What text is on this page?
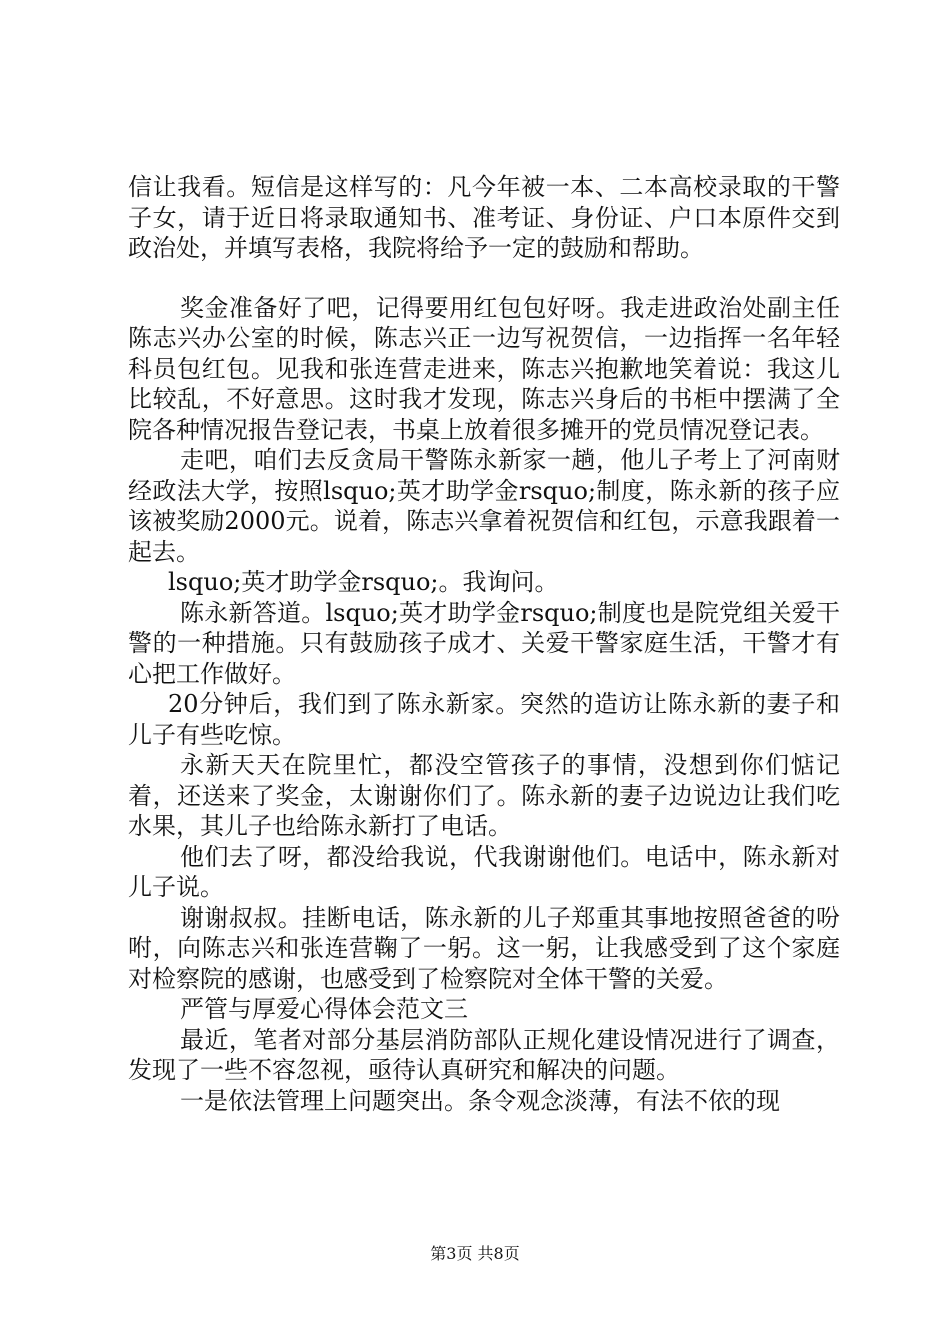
信让我看。短信是这样写的：凡今年被一本、二本高校录取的干警子女，请于近日将录取通知书、准考证、身份证、户口本原件交到政治处，并填写表格，我院将给予一定的鼓励和帮助。

奖金准备好了吧，记得要用红包包好呀。我走进政治处副主任陈志兴办公室的时候，陈志兴正一边写祝贺信，一边指挥一名年轻科员包红包。见我和张连营走进来，陈志兴抱歉地笑着说：我这儿比较乱，不好意思。这时我才发现，陈志兴身后的书柜中摆满了全院各种情况报告登记表，书桌上放着很多摊开的党员情况登记表。

走吧，咱们去反贪局干警陈永新家一趟，他儿子考上了河南财经政法大学，按照lsquo;英才助学金rsquo;制度，陈永新的孩子应该被奖励2000元。说着，陈志兴拿着祝贺信和红包，示意我跟着一起去。

lsquo;英才助学金rsquo;。我询问。

陈永新答道。lsquo;英才助学金rsquo;制度也是院党组关爱干警的一种措施。只有鼓励孩子成才、关爱干警家庭生活，干警才有心把工作做好。

20分钟后，我们到了陈永新家。突然的造访让陈永新的妻子和儿子有些吃惊。

永新天天在院里忙，都没空管孩子的事情，没想到你们惦记着，还送来了奖金，太谢谢你们了。陈永新的妻子边说边让我们吃水果，其儿子也给陈永新打了电话。

他们去了呀，都没给我说，代我谢谢他们。电话中，陈永新对儿子说。

谢谢叔叔。挂断电话，陈永新的儿子郑重其事地按照爸爸的吩咐，向陈志兴和张连营鞠了一躬。这一躬，让我感受到了这个家庭对检察院的感谢，也感受到了检察院对全体干警的关爱。

严管与厚爱心得体会范文三

最近，笔者对部分基层消防部队正规化建设情况进行了调查，发现了一些不容忽视，亟待认真研究和解决的问题。

一是依法管理上问题突出。条令观念淡薄，有法不依的现

第3页 共8页
